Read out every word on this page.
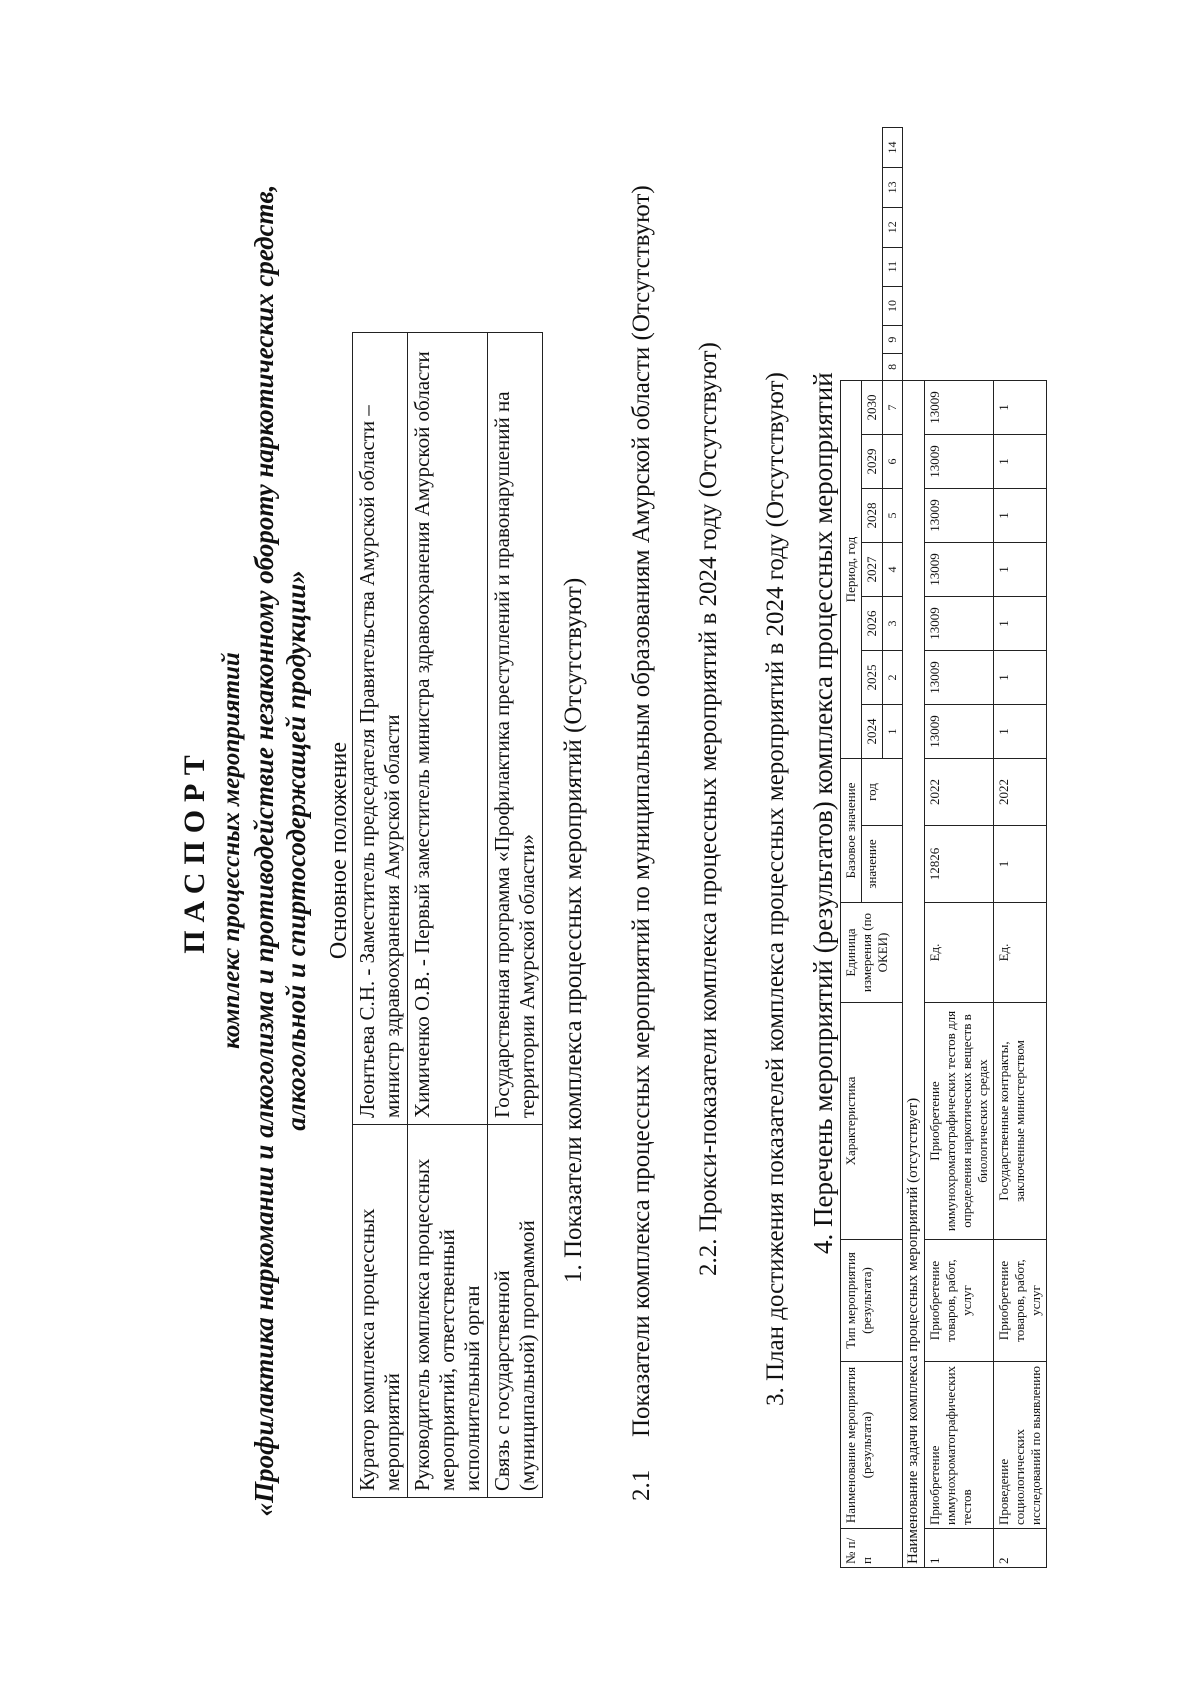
ПАСПОРТ комплекс процессных мероприятий «Профилактика наркомании и алкоголизма и противодействие незаконному обороту наркотических средств, алкогольной и спиртосодержащей продукции» Основное положение
Куратор комплекса процессных мероприятий	Леонтьева С.Н. - Заместитель председателя Правительства Амурской области – министр здравоохранения Амурской области
Руководитель комплекса процессных мероприятий, ответственный исполнительный орган	Химиченко О.В. - Первый заместитель министра здравоохранения Амурской области
Связь с государственной (муниципальной) программой	Государственная программа «Профилактика преступлений и правонарушений на территории Амурской области» 1. Показатели комплекса процессных мероприятий (Отсутствуют)
2.1Показатели комплекса процессных мероприятий по муниципальным образованиям Амурской области (Отсутствуют) 2.2. Прокси-показатели комплекса процессных мероприятий в 2024 году (Отсутствуют) 3. План достижения показателей комплекса процессных мероприятий в 2024 году (Отсутствуют) 4. Перечень мероприятий (результатов) комплекса процессных мероприятий
№ п/п	Наименование мероприятия (результата)	Тип мероприятия (результата)	Характеристика	Единица измерения (по ОКЕИ)	Базовое значение		Период, год													
					значение	год	2024	2025	2026	2027	2028	2029	2030							
							1	2	3	4	5	6	7	8	9	10	11	12	13	14
Наименование задачи комплекса процессных мероприятий (отсутствует)																				
1	Приобретение иммунохроматографических тестов	Приобретение товаров, работ, услуг	Приобретение иммунохроматографических тестов для определения наркотических веществ в биологических средах	Ед.	12826	2022	13009	13009	13009	13009	13009	13009	13009							
2	Проведение социологических исследований по выявлению	Приобретение товаров, работ, услуг	Государственные контракты, заключенные министерством	Ед.	1	2022	1	1	1	1	1	1	1							
